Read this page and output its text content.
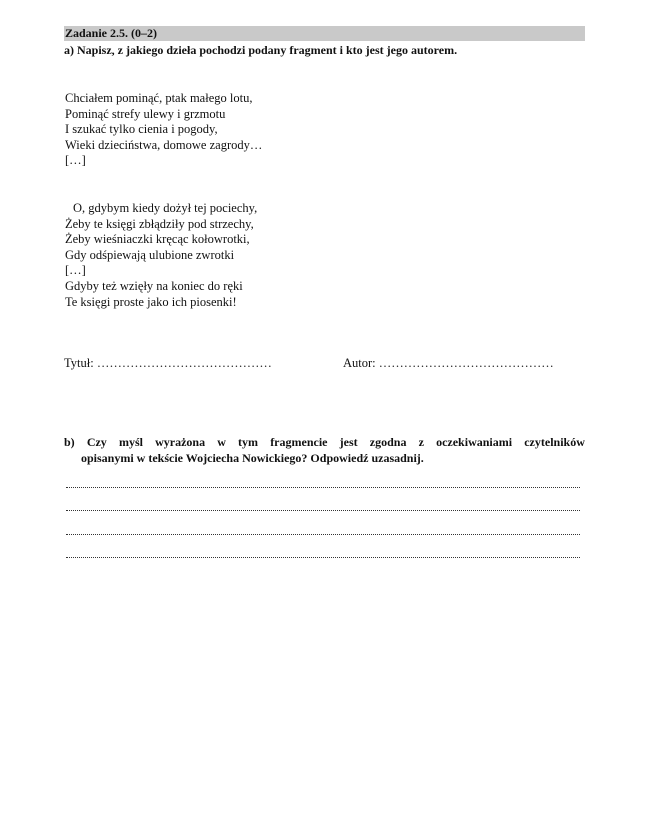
Zadanie 2.5. (0–2)
a) Napisz, z jakiego dzieła pochodzi podany fragment i kto jest jego autorem.
Chciałem pominąć, ptak małego lotu,
Pominąć strefy ulewy i grzmotu
I szukać tylko cienia i pogody,
Wieki dzieciństwa, domowe zagrody…
[…]
O, gdybym kiedy dożył tej pociechy,
Żeby te księgi zbłądziły pod strzechy,
Żeby wieśniaczki kręcąc kołowrotki,
Gdy odśpiewają ulubione zwrotki
[…]
Gdyby też wzięły na koniec do ręki
Te księgi proste jako ich piosenki!
Tytuł: ……………………………………	Autor: ……………………………………
b) Czy myśl wyrażona w tym fragmencie jest zgodna z oczekiwaniami czytelników
opisanymi w tekście Wojciecha Nowickiego? Odpowiedź uzasadnij.
